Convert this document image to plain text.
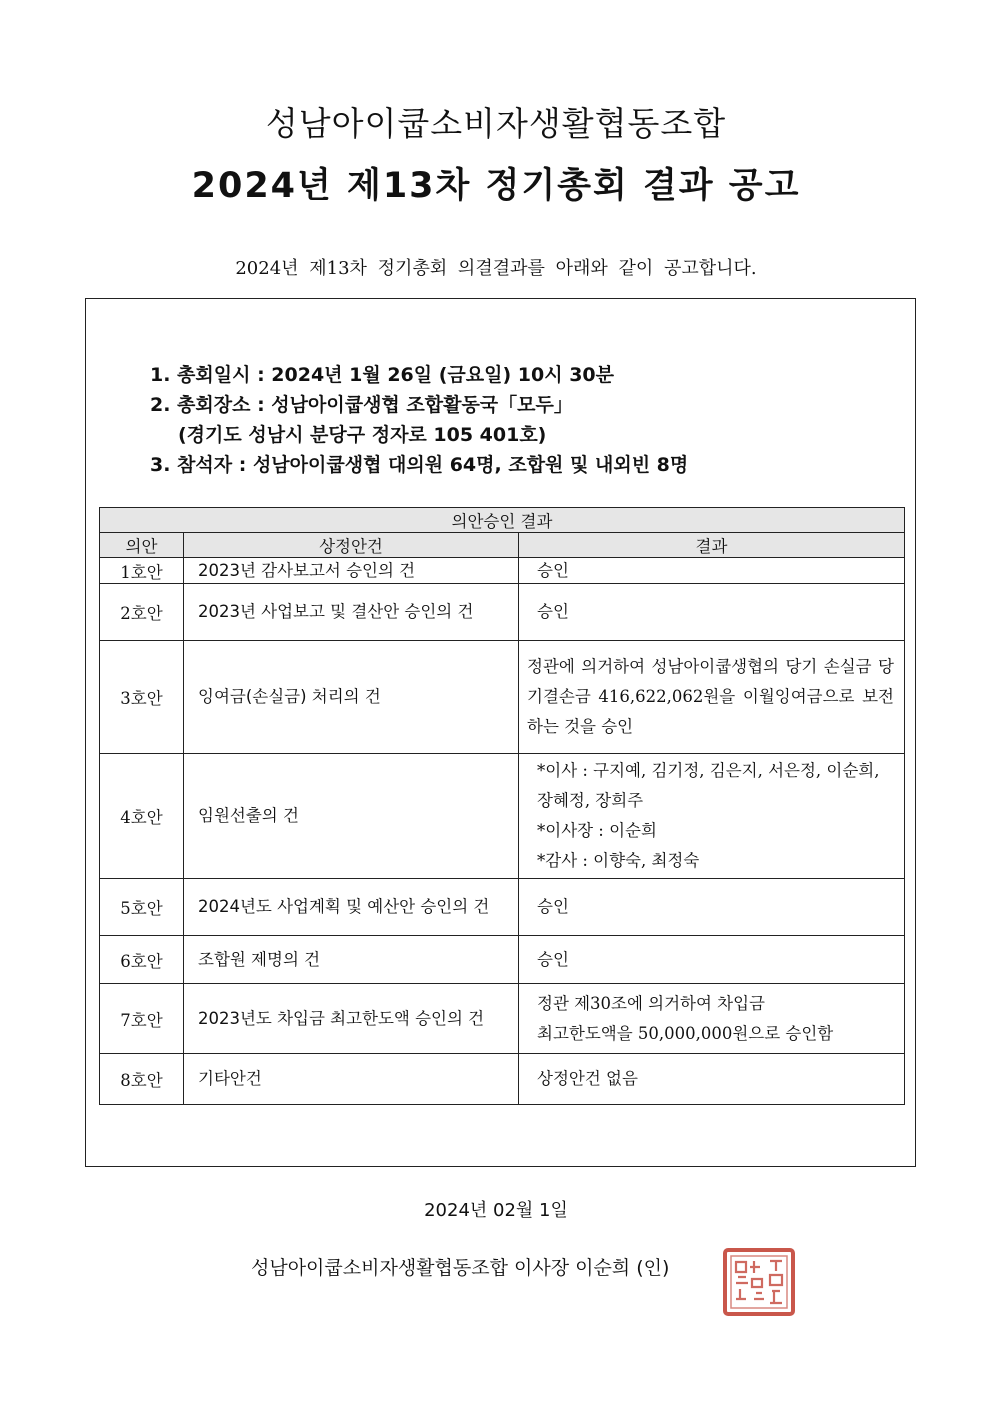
성남아이쿱소비자생활협동조합
2024년 제13차 정기총회 결과 공고
2024년 제13차 정기총회 의결결과를 아래와 같이 공고합니다.
1. 총회일시 : 2024년 1월 26일 (금요일) 10시 30분
2. 총회장소 : 성남아이쿱생협 조합활동국「모두」
(경기도 성남시 분당구 정자로 105 401호)
3. 참석자 : 성남아이쿱생협 대의원 64명, 조합원 및 내외빈 8명
의안승인 결과		
의안	상정안건	결과
1호안	2023년 감사보고서 승인의 건	승인
2호안	2023년 사업보고 및 결산안 승인의 건	승인
3호안	잉여금(손실금) 처리의 건	정관에 의거하여 성남아이쿱생협의 당기 손실금 당기결손금 416,622,062원을 이월잉여금으로 보전하는 것을 승인
4호안	임원선출의 건	*이사 : 구지예, 김기정, 김은지, 서은정, 이순희, 장혜정, 장희주
*이사장 : 이순희
*감사 : 이향숙, 최정숙

5호안	2024년도 사업계획 및 예산안 승인의 건	승인
6호안	조합원 제명의 건	승인
7호안	2023년도 차입금 최고한도액 승인의 건	정관 제30조에 의거하여 차입금
최고한도액을 50,000,000원으로 승인함

8호안	기타안건	상정안건 없음
2024년 02월 1일
성남아이쿱소비자생활협동조합 이사장 이순희 (인)
